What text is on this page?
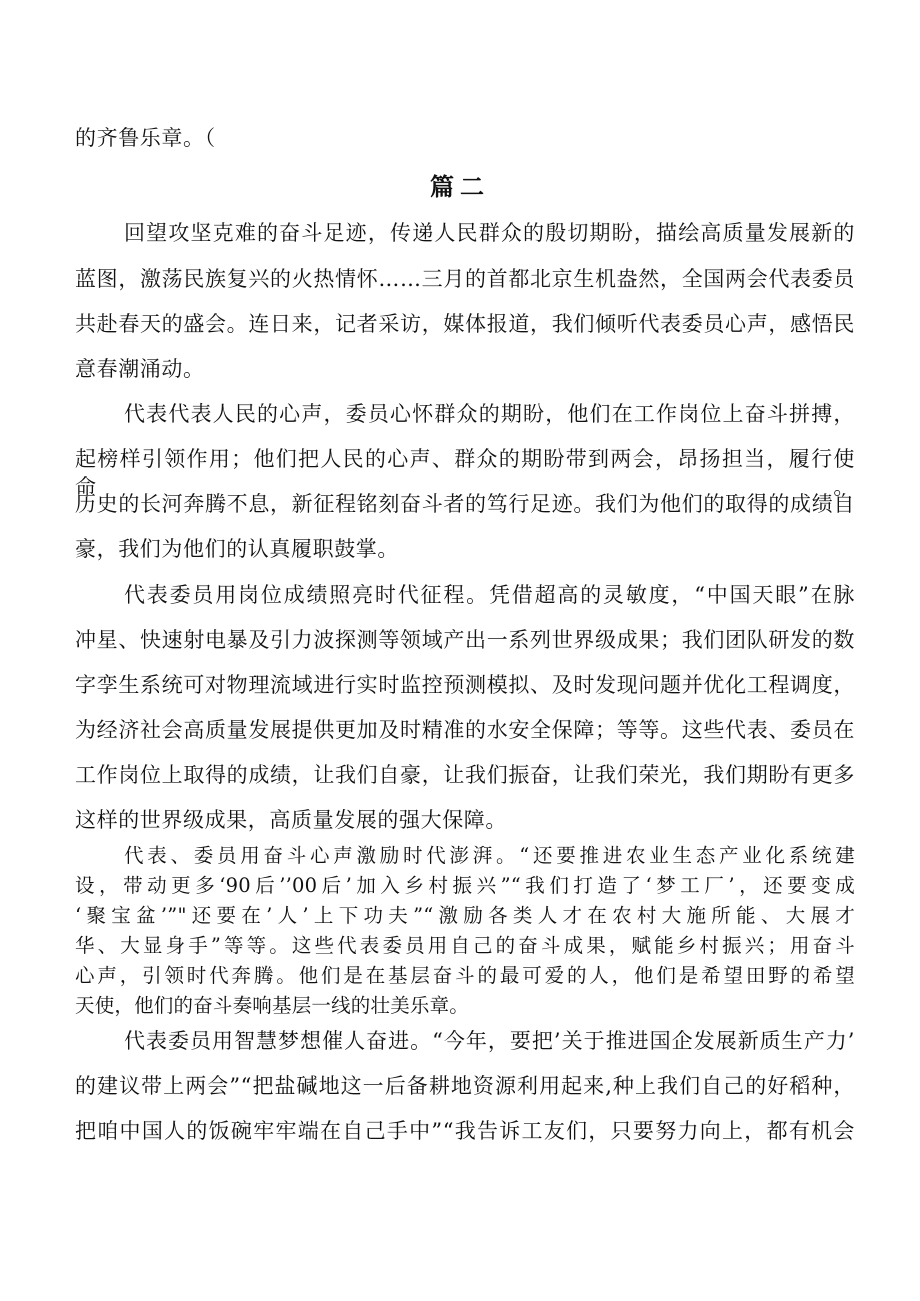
的齐鲁乐章。（
篇二
回望攻坚克难的奋斗足迹，传递人民群众的殷切期盼，描绘高质量发展新的
蓝图，激荡民族复兴的火热情怀……三月的首都北京生机盎然，全国两会代表委员
共赴春天的盛会。连日来，记者采访，媒体报道，我们倾听代表委员心声，感悟民
意春潮涌动。
代表代表人民的心声，委员心怀群众的期盼，他们在工作岗位上奋斗拼搏，
起榜样引领作用；他们把人民的心声、群众的期盼带到两会，昂扬担当，履行使命。
历史的长河奔腾不息，新征程铭刻奋斗者的笃行足迹。我们为他们的取得的成绩自
豪，我们为他们的认真履职鼓掌。
代表委员用岗位成绩照亮时代征程。凭借超高的灵敏度，“中国天眼”在脉
冲星、快速射电暴及引力波探测等领域产出一系列世界级成果；我们团队研发的数
字孪生系统可对物理流域进行实时监控预测模拟、及时发现问题并优化工程调度，
为经济社会高质量发展提供更加及时精准的水安全保障；等等。这些代表、委员在
工作岗位上取得的成绩，让我们自豪，让我们振奋，让我们荣光，我们期盼有更多
这样的世界级成果，高质量发展的强大保障。
代表、委员用奋斗心声激励时代澎湃。“还要推进农业生态产业化系统建
设，带动更多‘90后’’00后’加入乡村振兴”“我们打造了‘梦工厂’，还要变成
‘聚宝盆’”"还要在’人’上下功夫”“激励各类人才在农村大施所能、大展才
华、大显身手”等等。这些代表委员用自己的奋斗成果，赋能乡村振兴；用奋斗
心声，引领时代奔腾。他们是在基层奋斗的最可爱的人，他们是希望田野的希望
天使，他们的奋斗奏响基层一线的壮美乐章。
代表委员用智慧梦想催人奋进。“今年，要把’关于推进国企发展新质生产力’
的建议带上两会”“把盐碱地这一后备耕地资源利用起来,种上我们自己的好稻种，
把咱中国人的饭碗牢牢端在自己手中”“我告诉工友们，只要努力向上，都有机会
